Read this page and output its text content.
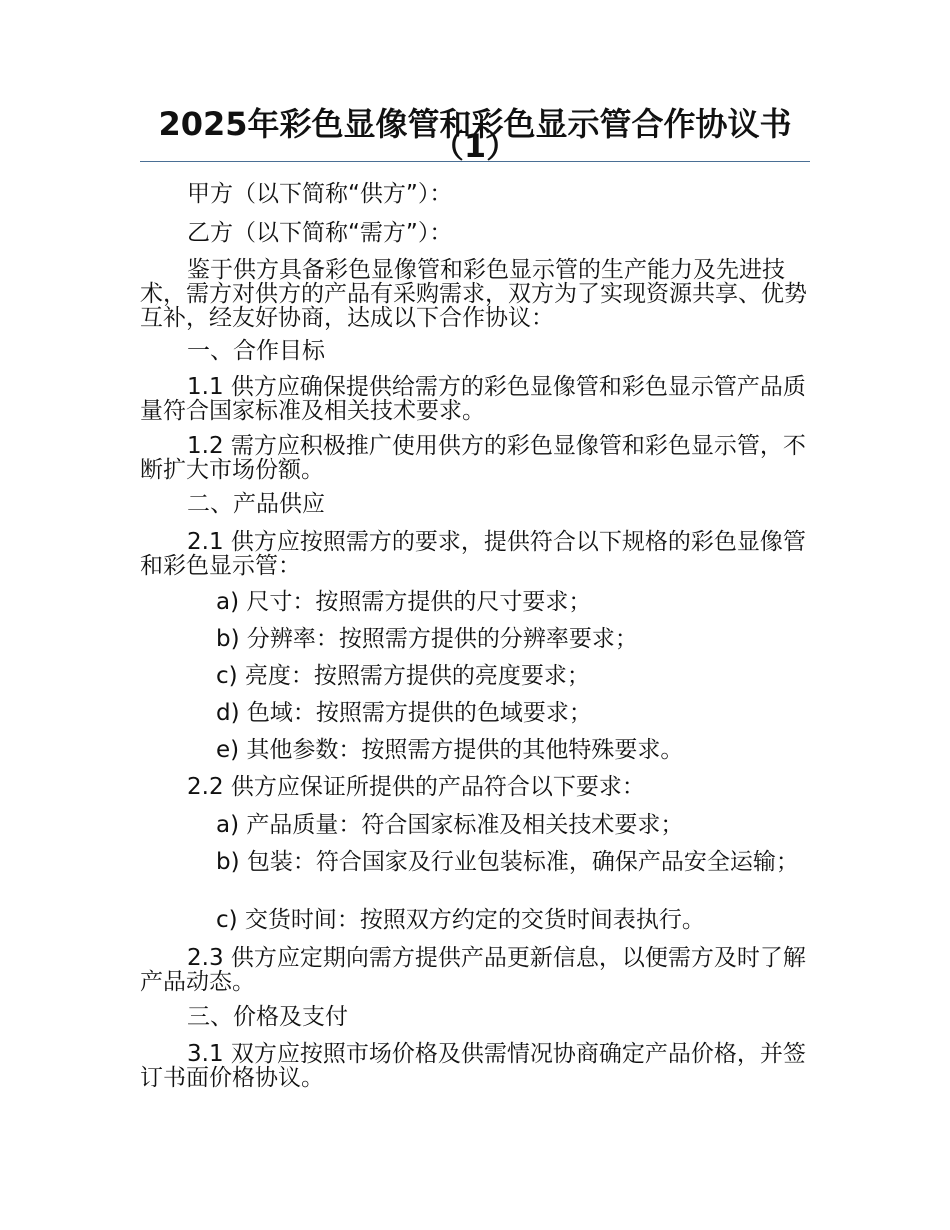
2025年彩色显像管和彩色显示管合作协议书（1）

甲方（以下简称“供方”）：

乙方（以下简称“需方”）：

鉴于供方具备彩色显像管和彩色显示管的生产能力及先进技术，需方对供方的产品有采购需求，双方为了实现资源共享、优势互补，经友好协商，达成以下合作协议：

一、合作目标

1.1 供方应确保提供给需方的彩色显像管和彩色显示管产品质量符合国家标准及相关技术要求。

1.2 需方应积极推广使用供方的彩色显像管和彩色显示管，不断扩大市场份额。

二、产品供应

2.1 供方应按照需方的要求，提供符合以下规格的彩色显像管和彩色显示管：

a) 尺寸：按照需方提供的尺寸要求；

b) 分辨率：按照需方提供的分辨率要求；

c) 亮度：按照需方提供的亮度要求；

d) 色域：按照需方提供的色域要求；

e) 其他参数：按照需方提供的其他特殊要求。

2.2 供方应保证所提供的产品符合以下要求：

a) 产品质量：符合国家标准及相关技术要求；

b) 包装：符合国家及行业包装标准，确保产品安全运输；

c) 交货时间：按照双方约定的交货时间表执行。

2.3 供方应定期向需方提供产品更新信息，以便需方及时了解产品动态。

三、价格及支付

3.1 双方应按照市场价格及供需情况协商确定产品价格，并签订书面价格协议。
